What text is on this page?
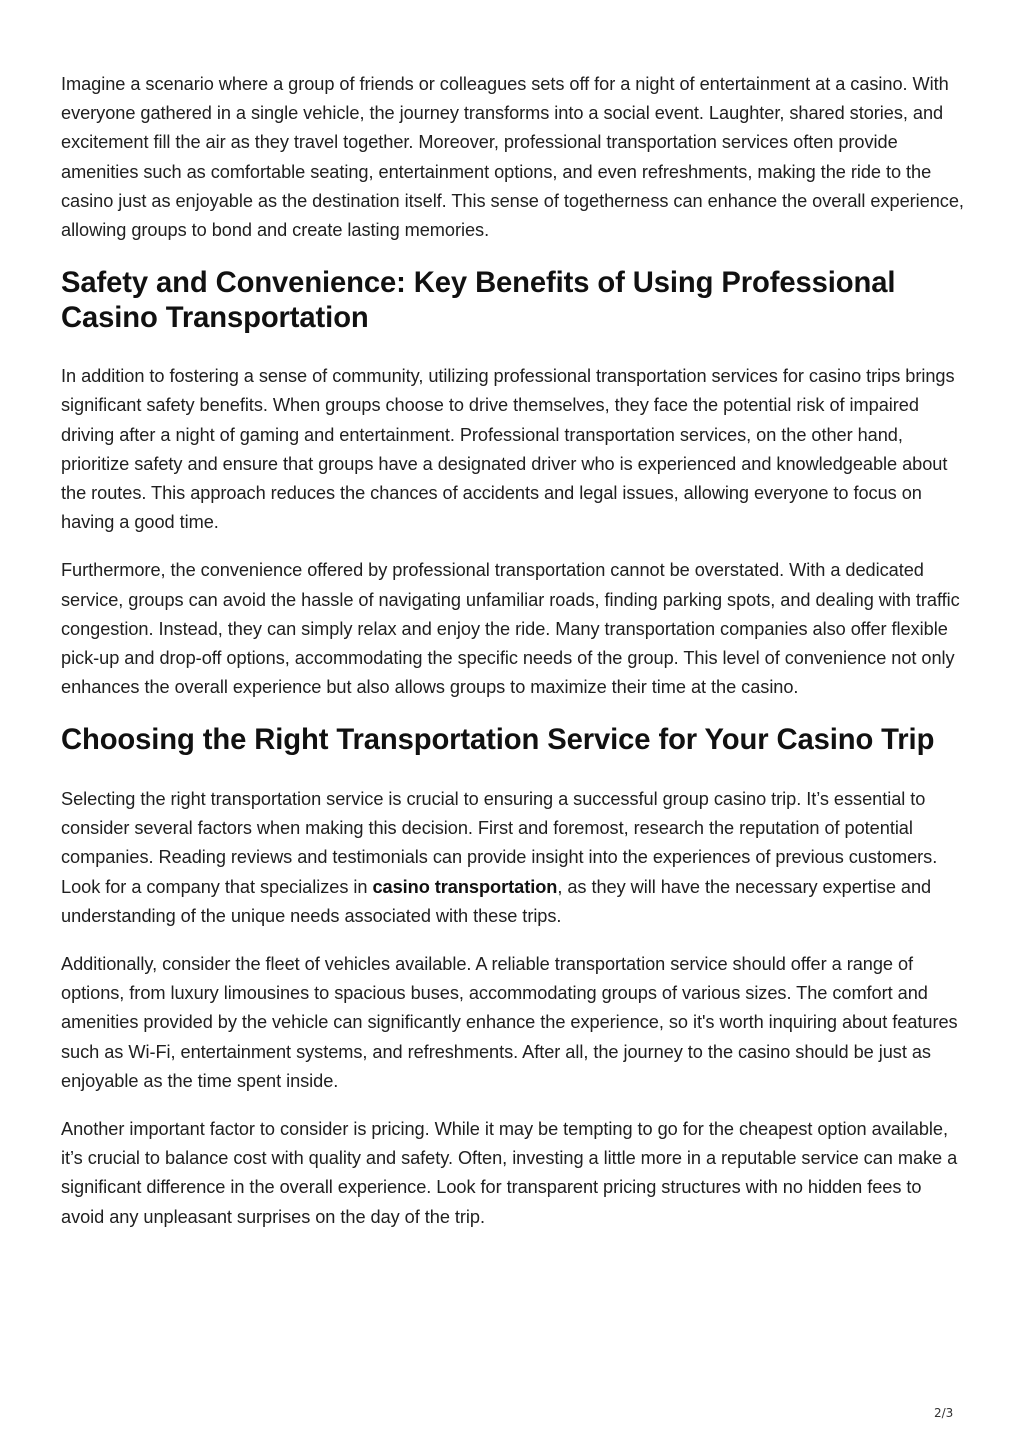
Imagine a scenario where a group of friends or colleagues sets off for a night of entertainment at a casino. With everyone gathered in a single vehicle, the journey transforms into a social event. Laughter, shared stories, and excitement fill the air as they travel together. Moreover, professional transportation services often provide amenities such as comfortable seating, entertainment options, and even refreshments, making the ride to the casino just as enjoyable as the destination itself. This sense of togetherness can enhance the overall experience, allowing groups to bond and create lasting memories.

Safety and Convenience: Key Benefits of Using Professional Casino Transportation

In addition to fostering a sense of community, utilizing professional transportation services for casino trips brings significant safety benefits. When groups choose to drive themselves, they face the potential risk of impaired driving after a night of gaming and entertainment. Professional transportation services, on the other hand, prioritize safety and ensure that groups have a designated driver who is experienced and knowledgeable about the routes. This approach reduces the chances of accidents and legal issues, allowing everyone to focus on having a good time.

Furthermore, the convenience offered by professional transportation cannot be overstated. With a dedicated service, groups can avoid the hassle of navigating unfamiliar roads, finding parking spots, and dealing with traffic congestion. Instead, they can simply relax and enjoy the ride. Many transportation companies also offer flexible pick-up and drop-off options, accommodating the specific needs of the group. This level of convenience not only enhances the overall experience but also allows groups to maximize their time at the casino.

Choosing the Right Transportation Service for Your Casino Trip

Selecting the right transportation service is crucial to ensuring a successful group casino trip. It’s essential to consider several factors when making this decision. First and foremost, research the reputation of potential companies. Reading reviews and testimonials can provide insight into the experiences of previous customers. Look for a company that specializes in casino transportation, as they will have the necessary expertise and understanding of the unique needs associated with these trips.

Additionally, consider the fleet of vehicles available. A reliable transportation service should offer a range of options, from luxury limousines to spacious buses, accommodating groups of various sizes. The comfort and amenities provided by the vehicle can significantly enhance the experience, so it's worth inquiring about features such as Wi-Fi, entertainment systems, and refreshments. After all, the journey to the casino should be just as enjoyable as the time spent inside.

Another important factor to consider is pricing. While it may be tempting to go for the cheapest option available, it’s crucial to balance cost with quality and safety. Often, investing a little more in a reputable service can make a significant difference in the overall experience. Look for transparent pricing structures with no hidden fees to avoid any unpleasant surprises on the day of the trip.

2/3
